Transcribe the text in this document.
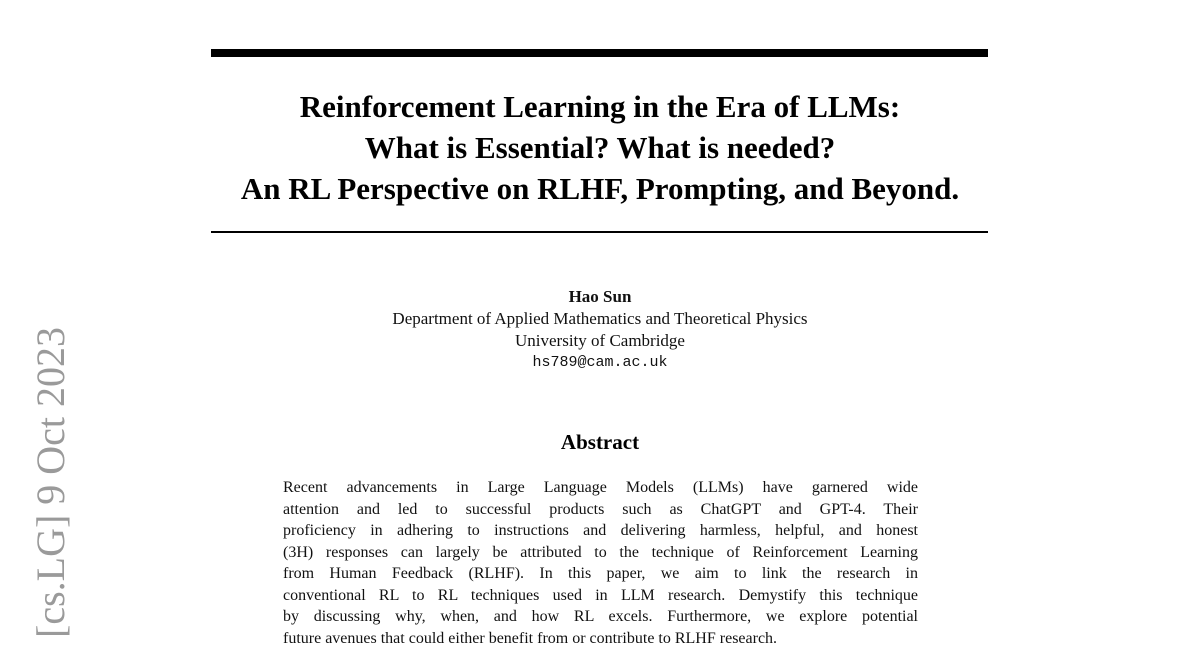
[cs.LG] 9 Oct 2023
Reinforcement Learning in the Era of LLMs:
What is Essential? What is needed?
An RL Perspective on RLHF, Prompting, and Beyond.
Hao Sun
Department of Applied Mathematics and Theoretical Physics
University of Cambridge
hs789@cam.ac.uk
Abstract
Recent advancements in Large Language Models (LLMs) have garnered wide
attention and led to successful products such as ChatGPT and GPT-4. Their
proficiency in adhering to instructions and delivering harmless, helpful, and honest
(3H) responses can largely be attributed to the technique of Reinforcement Learning
from Human Feedback (RLHF). In this paper, we aim to link the research in
conventional RL to RL techniques used in LLM research. Demystify this technique
by discussing why, when, and how RL excels. Furthermore, we explore potential
future avenues that could either benefit from or contribute to RLHF research.
